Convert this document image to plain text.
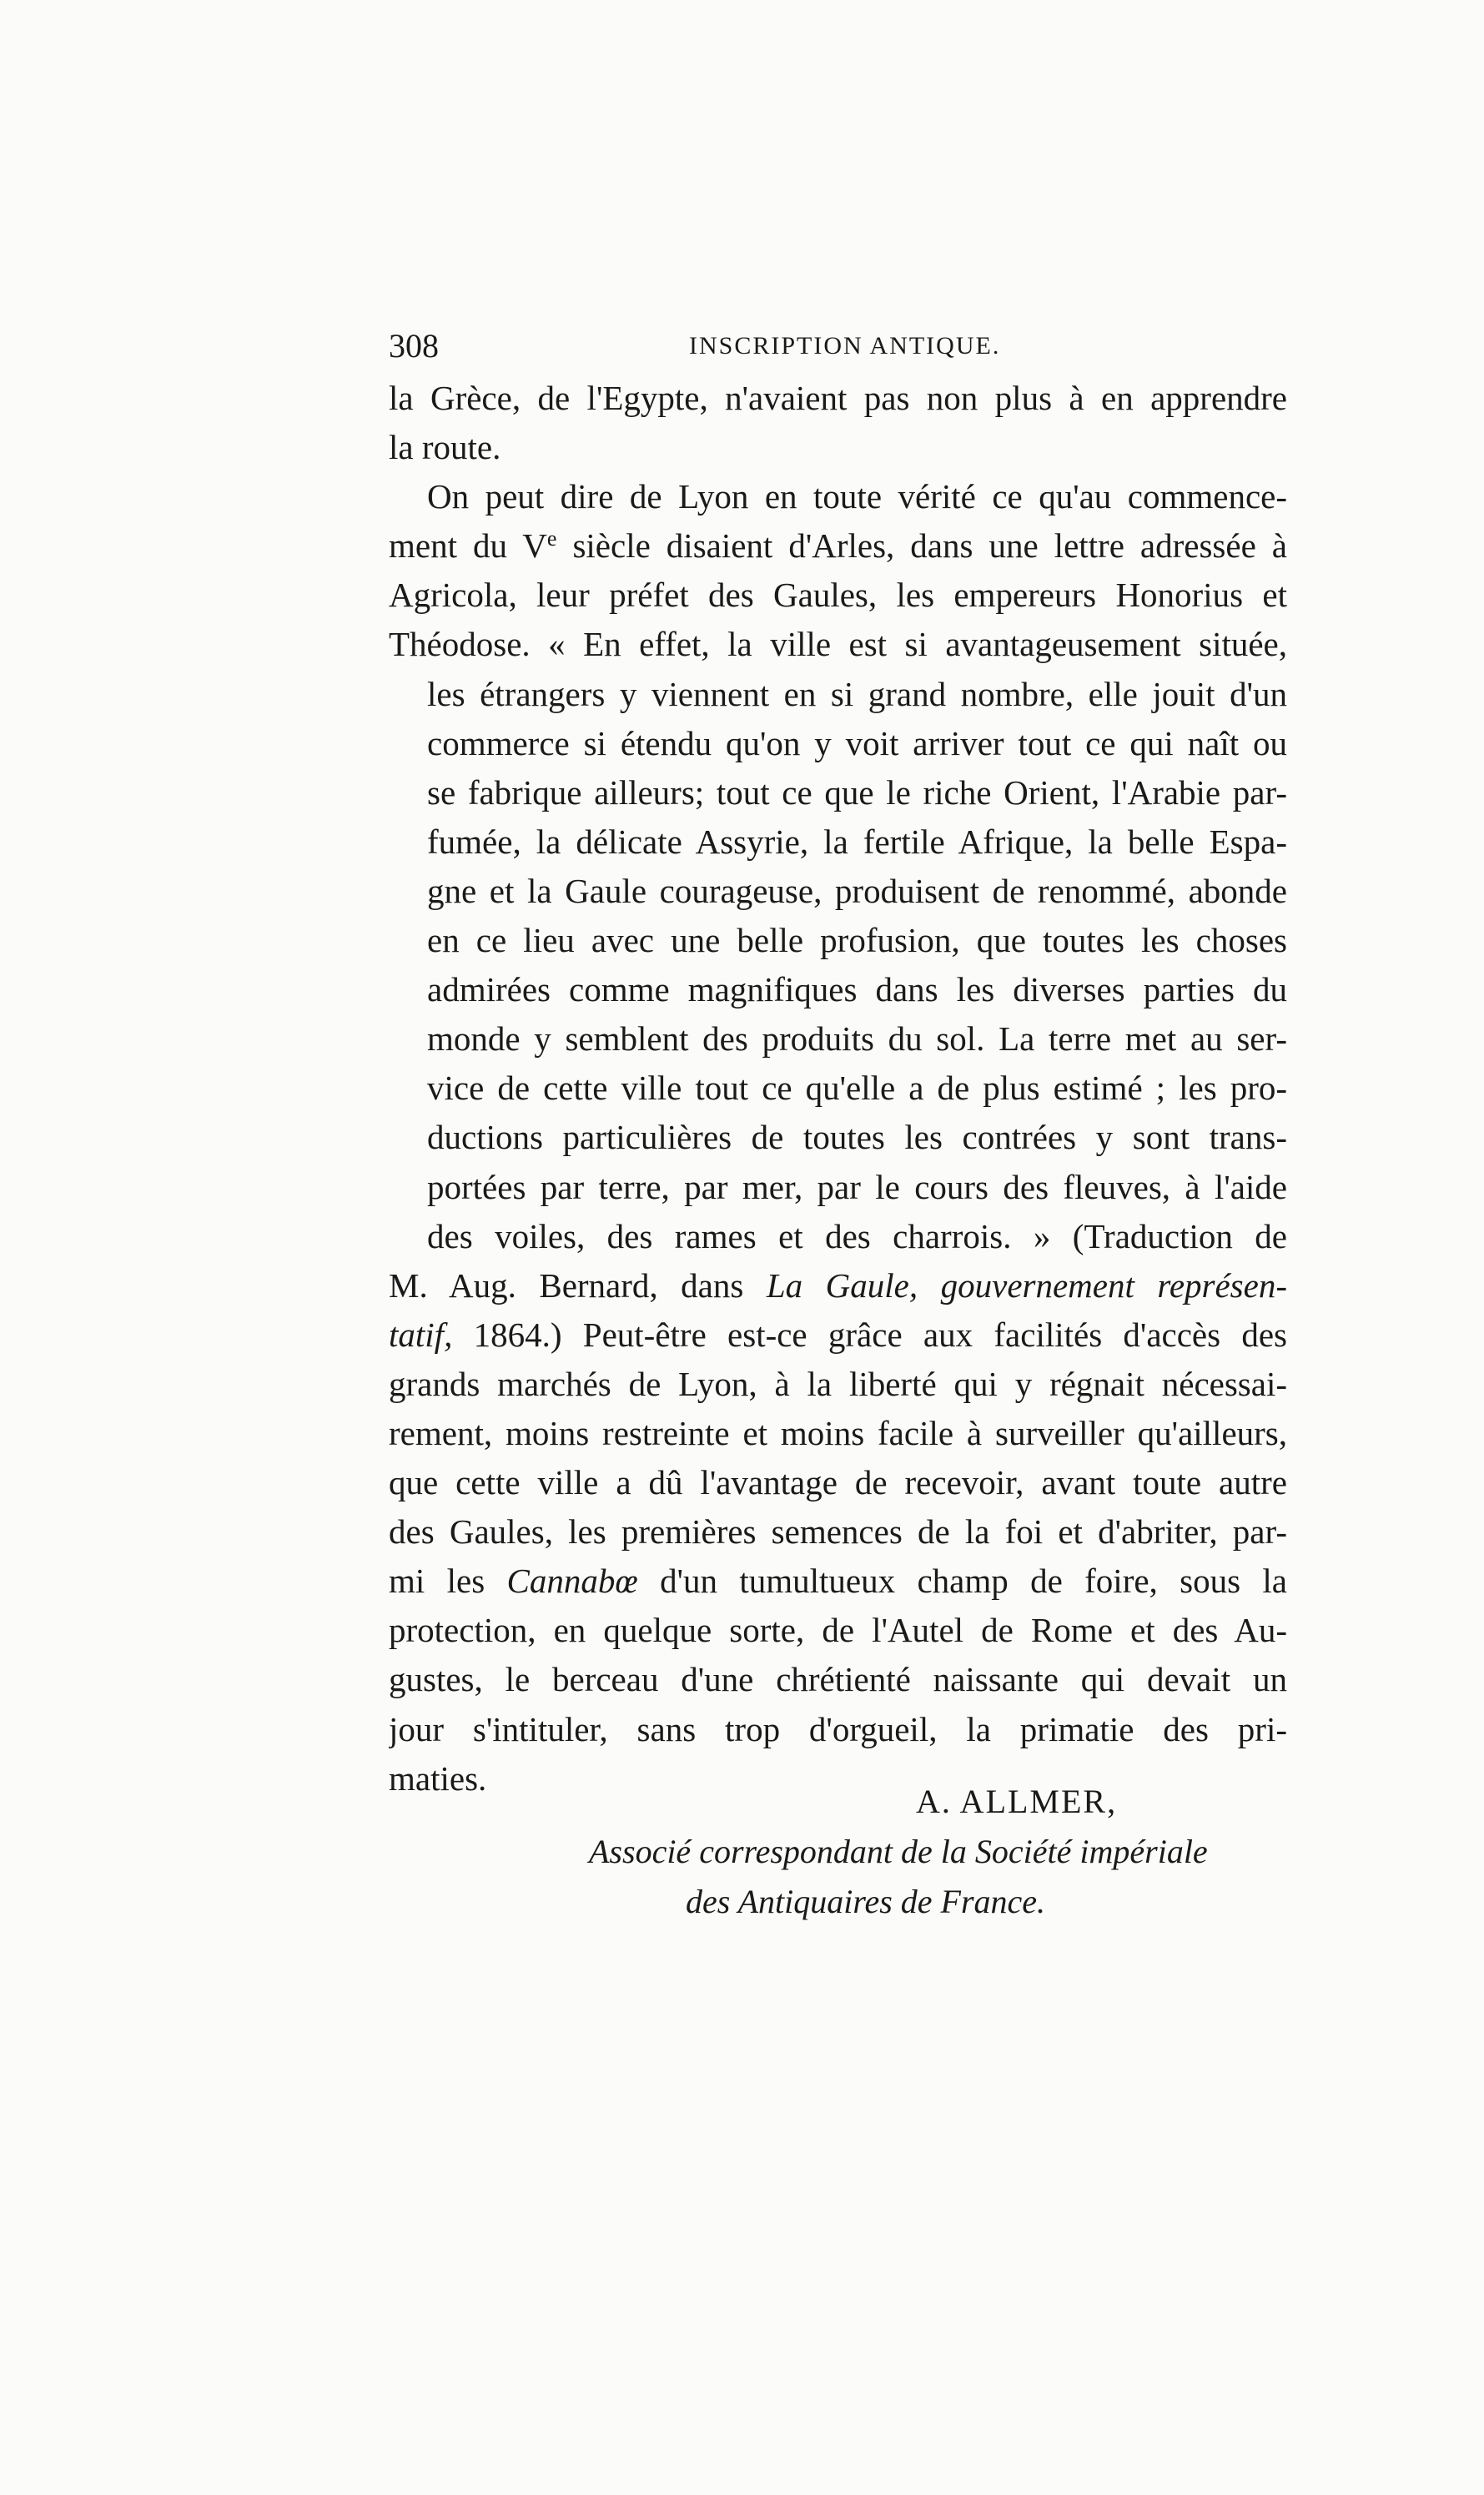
308	INSCRIPTION ANTIQUE.
la Grèce, de l'Egypte, n'avaient pas non plus à en apprendre
la route.
On peut dire de Lyon en toute vérité ce qu'au commence-
ment du Ve siècle disaient d'Arles, dans une lettre adressée à
Agricola, leur préfet des Gaules, les empereurs Honorius et
Théodose. « En effet, la ville est si avantageusement située,
les étrangers y viennent en si grand nombre, elle jouit d'un
commerce si étendu qu'on y voit arriver tout ce qui naît ou
se fabrique ailleurs; tout ce que le riche Orient, l'Arabie par-
fumée, la délicate Assyrie, la fertile Afrique, la belle Espa-
gne et la Gaule courageuse, produisent de renommé, abonde
en ce lieu avec une belle profusion, que toutes les choses
admirées comme magnifiques dans les diverses parties du
monde y semblent des produits du sol. La terre met au ser-
vice de cette ville tout ce qu'elle a de plus estimé ; les pro-
ductions particulières de toutes les contrées y sont trans-
portées par terre, par mer, par le cours des fleuves, à l'aide
des voiles, des rames et des charrois. » (Traduction de
M. Aug. Bernard, dans La Gaule, gouvernement représen-
tatif, 1864.) Peut-être est-ce grâce aux facilités d'accès des
grands marchés de Lyon, à la liberté qui y régnait nécessai-
rement, moins restreinte et moins facile à surveiller qu'ailleurs,
que cette ville a dû l'avantage de recevoir, avant toute autre
des Gaules, les premières semences de la foi et d'abriter, par-
mi les Cannabœ d'un tumultueux champ de foire, sous la
protection, en quelque sorte, de l'Autel de Rome et des Au-
gustes, le berceau d'une chrétienté naissante qui devait un
jour s'intituler, sans trop d'orgueil, la primatie des pri-
maties.
A. ALLMER,
Associé correspondant de la Société impériale
des Antiquaires de France.
